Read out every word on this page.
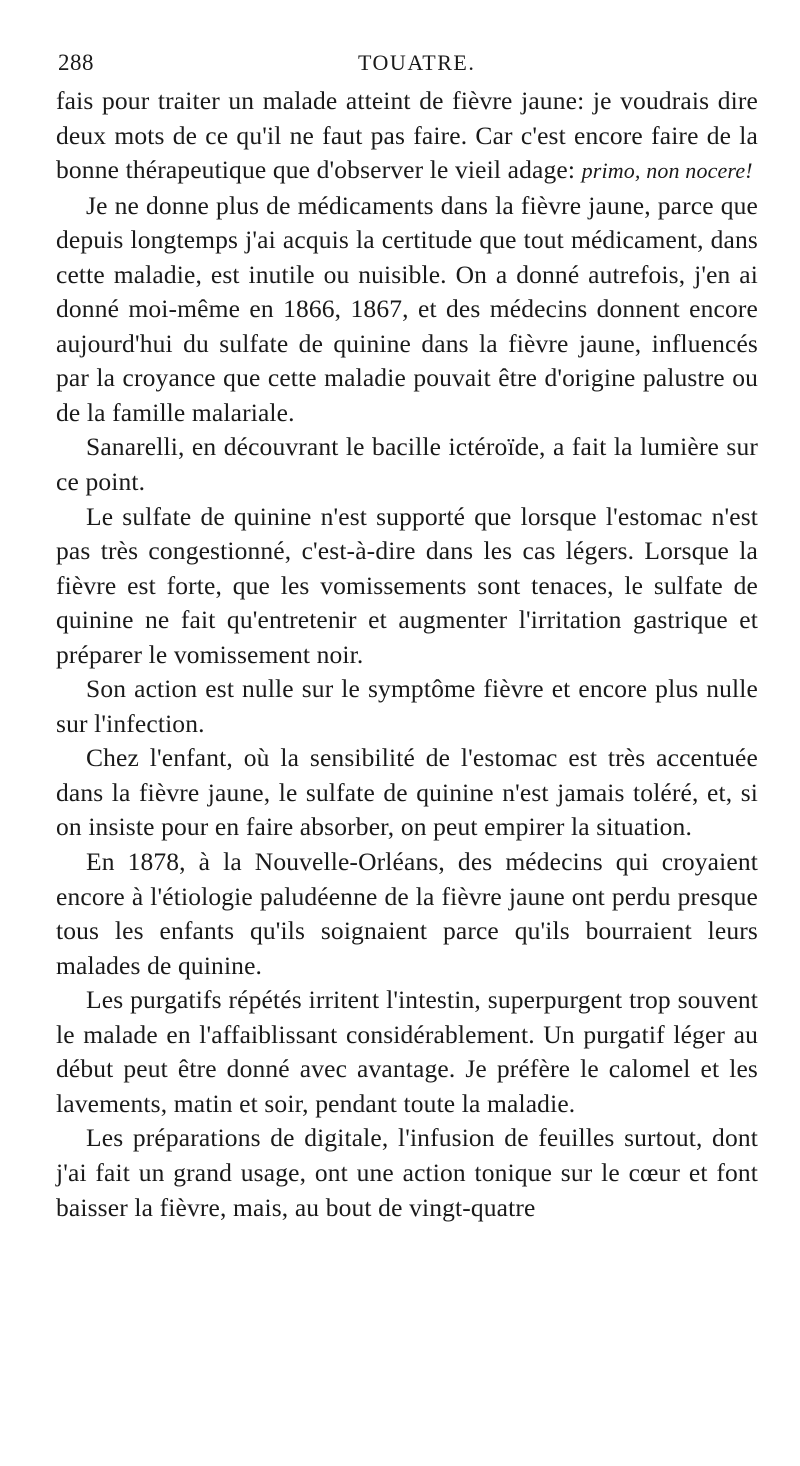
288	TOUATRE.

fais pour traiter un malade atteint de fièvre jaune: je voudrais dire deux mots de ce qu'il ne faut pas faire. Car c'est encore faire de la bonne thérapeutique que d'observer le vieil adage: primo, non nocere!

Je ne donne plus de médicaments dans la fièvre jaune, parce que depuis longtemps j'ai acquis la certitude que tout médicament, dans cette maladie, est inutile ou nuisible. On a donné autrefois, j'en ai donné moi-même en 1866, 1867, et des médecins donnent encore aujourd'hui du sulfate de quinine dans la fièvre jaune, influencés par la croyance que cette maladie pouvait être d'origine palustre ou de la famille malariale.

Sanarelli, en découvrant le bacille ictéroïde, a fait la lumière sur ce point.

Le sulfate de quinine n'est supporté que lorsque l'estomac n'est pas très congestionné, c'est-à-dire dans les cas légers. Lorsque la fièvre est forte, que les vomissements sont tenaces, le sulfate de quinine ne fait qu'entretenir et augmenter l'irritation gastrique et préparer le vomissement noir.

Son action est nulle sur le symptôme fièvre et encore plus nulle sur l'infection.

Chez l'enfant, où la sensibilité de l'estomac est très accentuée dans la fièvre jaune, le sulfate de quinine n'est jamais toléré, et, si on insiste pour en faire absorber, on peut empirer la situation.

En 1878, à la Nouvelle-Orléans, des médecins qui croyaient encore à l'étiologie paludéenne de la fièvre jaune ont perdu presque tous les enfants qu'ils soignaient parce qu'ils bourraient leurs malades de quinine.

Les purgatifs répétés irritent l'intestin, superpurgent trop souvent le malade en l'affaiblissant considérablement. Un purgatif léger au début peut être donné avec avantage. Je préfère le calomel et les lavements, matin et soir, pendant toute la maladie.

Les préparations de digitale, l'infusion de feuilles surtout, dont j'ai fait un grand usage, ont une action tonique sur le cœur et font baisser la fièvre, mais, au bout de vingt-quatre
